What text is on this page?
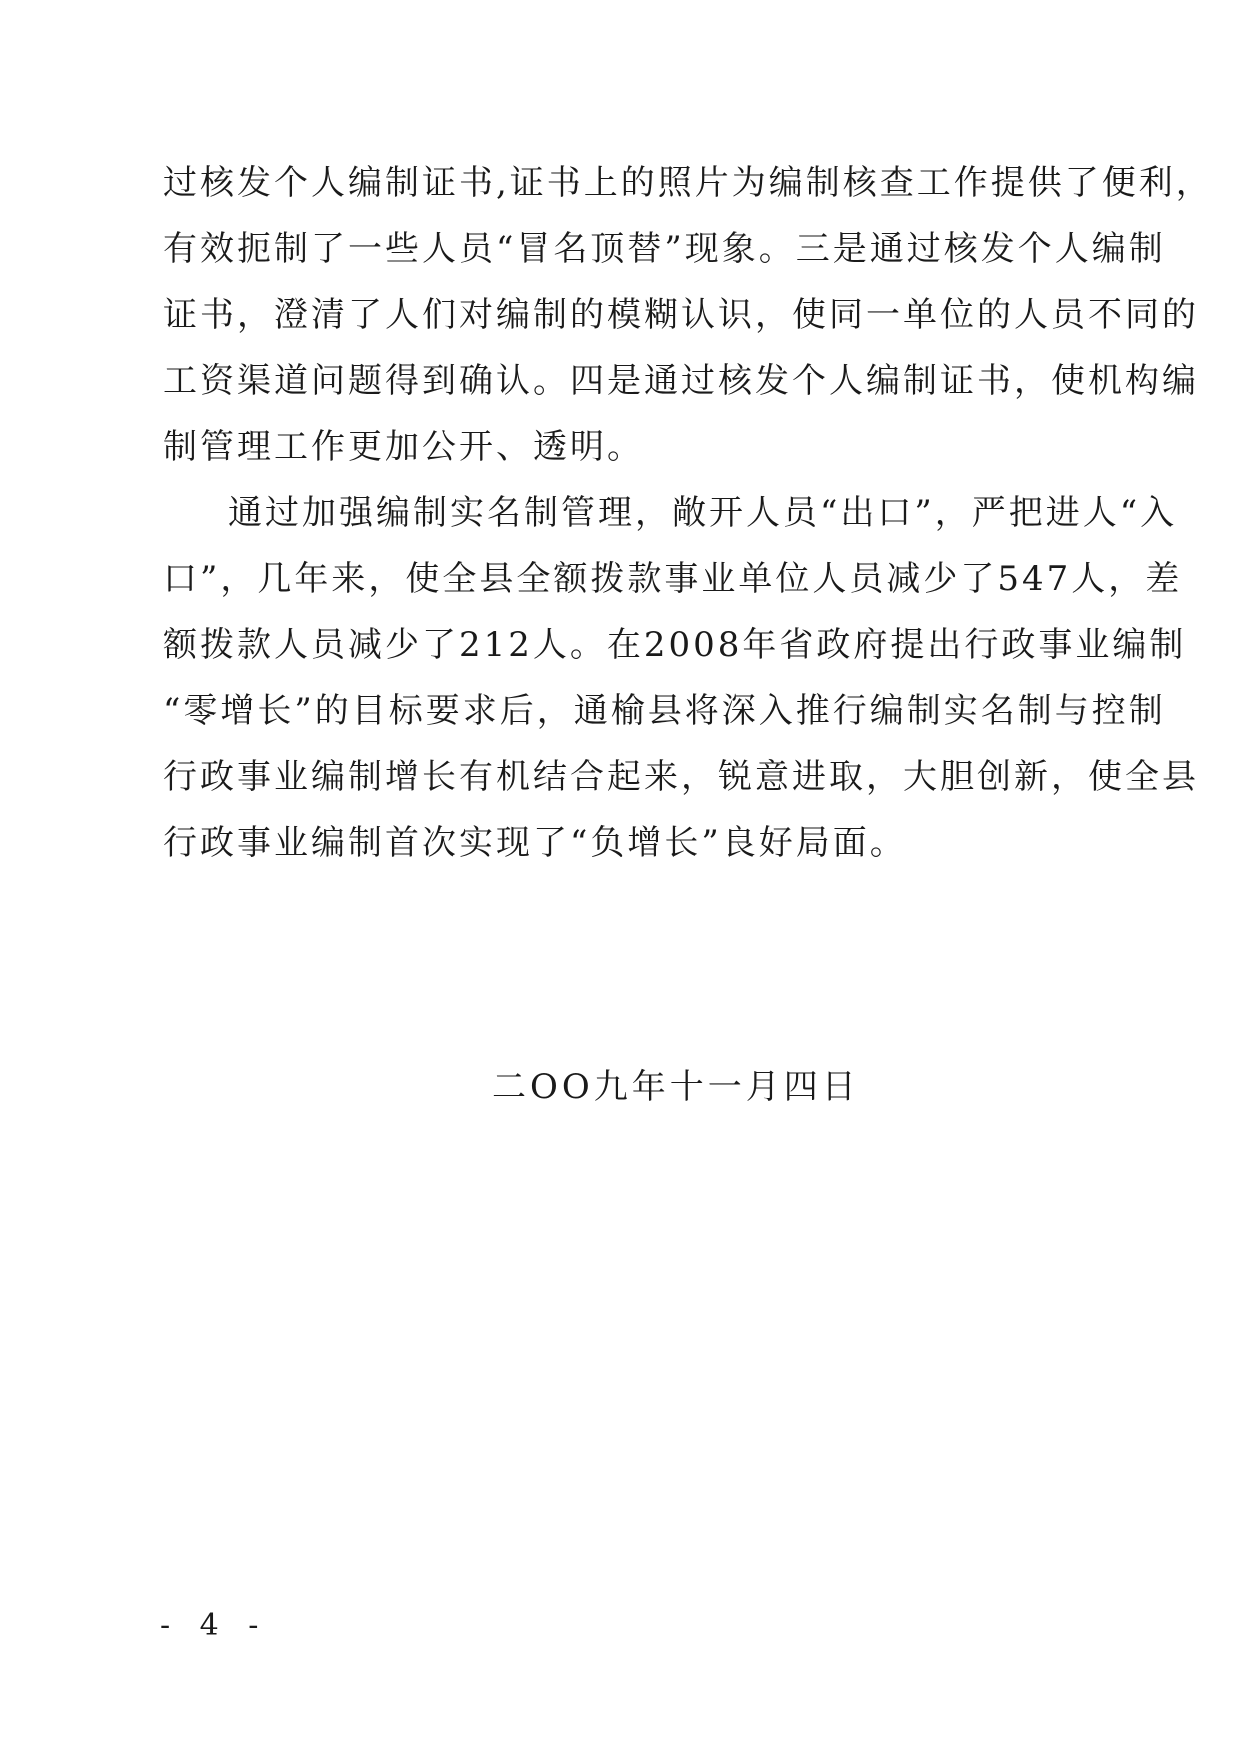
过核发个人编制证书,证书上的照片为编制核查工作提供了便利，
有效扼制了一些人员“冒名顶替”现象。三是通过核发个人编制
证书，澄清了人们对编制的模糊认识，使同一单位的人员不同的
工资渠道问题得到确认。四是通过核发个人编制证书，使机构编
制管理工作更加公开、透明。
通过加强编制实名制管理，敞开人员“出口”，严把进人“入
口”，几年来，使全县全额拨款事业单位人员减少了547人，差
额拨款人员减少了212人。在2008年省政府提出行政事业编制
“零增长”的目标要求后，通榆县将深入推行编制实名制与控制
行政事业编制增长有机结合起来，锐意进取，大胆创新，使全县
行政事业编制首次实现了“负增长”良好局面。
二OO九年十一月四日
- 4 -
